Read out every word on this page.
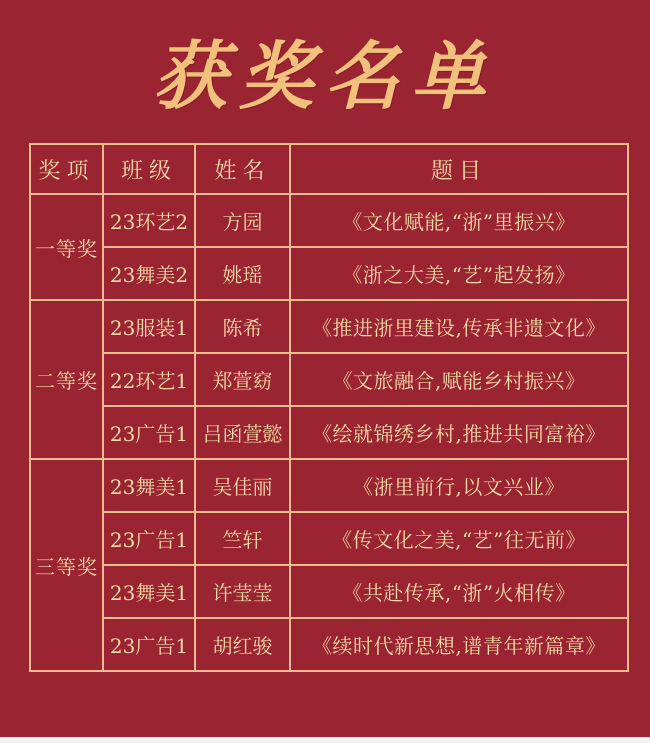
获奖名单
奖项	班级	姓名	题目
一等奖	23环艺2	方园	《文化赋能,“浙”里振兴》
	23舞美2	姚瑶	《浙之大美,“艺”起发扬》
二等奖	23服装1	陈希	《推进浙里建设,传承非遗文化》
	22环艺1	郑萱窈	《文旅融合,赋能乡村振兴》
	23广告1	吕函萱懿	《绘就锦绣乡村,推进共同富裕》
三等奖	23舞美1	吴佳丽	《浙里前行,以文兴业》
	23广告1	竺轩	《传文化之美,“艺”往无前》
	23舞美1	许莹莹	《共赴传承,“浙”火相传》
	23广告1	胡红骏	《续时代新思想,谱青年新篇章》
